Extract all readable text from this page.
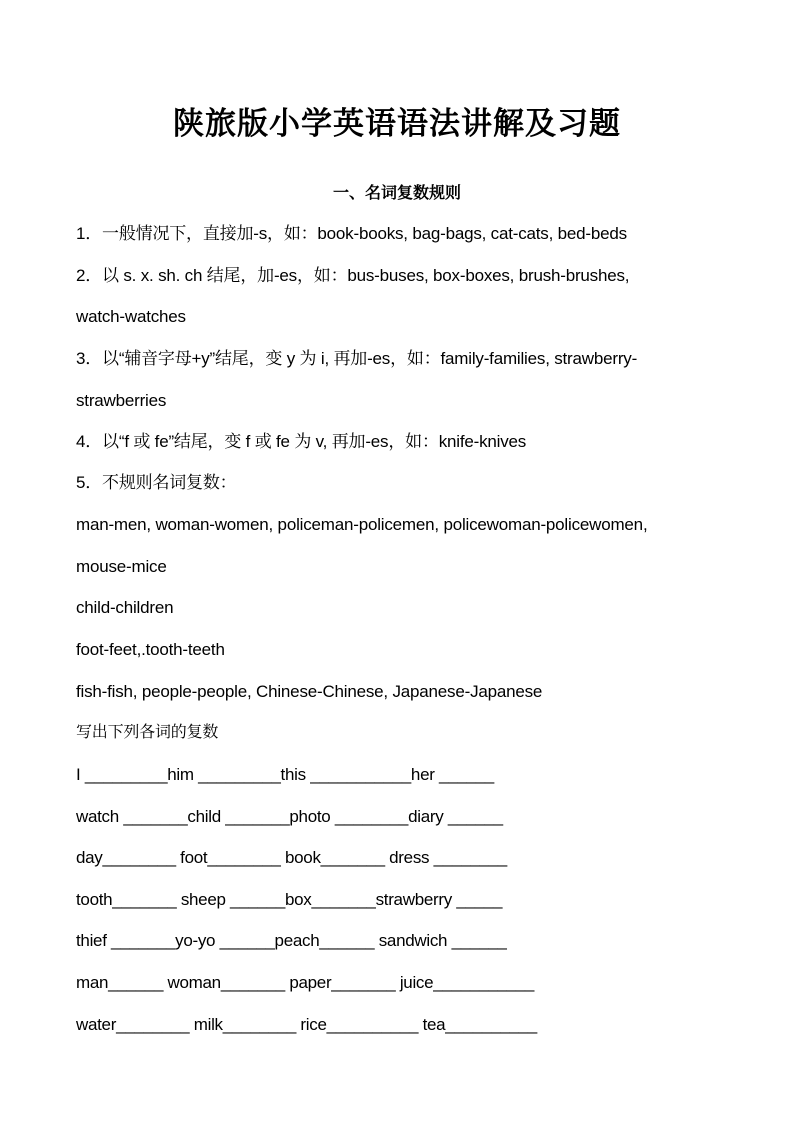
陕旅版小学英语语法讲解及习题
一、名词复数规则
1．一般情况下，直接加-s，如：book-books, bag-bags, cat-cats, bed-beds
2．以 s. x. sh. ch 结尾，加-es，如：bus-buses, box-boxes, brush-brushes,
watch-watches
3．以“辅音字母+y”结尾，变 y 为 i, 再加-es，如：family-families, strawberry-
strawberries
4．以“f 或 fe”结尾，变 f 或 fe 为 v, 再加-es，如：knife-knives
5．不规则名词复数：
man-men, woman-women, policeman-policemen, policewoman-policewomen,
mouse-mice
child-children
foot-feet,.tooth-teeth
fish-fish, people-people, Chinese-Chinese, Japanese-Japanese
写出下列各词的复数
I _________him _________this ___________her ______
watch _______child _______photo ________diary ______
day________ foot________ book_______ dress ________
tooth_______ sheep ______box_______strawberry _____
thief _______yo-yo ______peach______ sandwich ______
man______ woman_______ paper_______ juice___________
water________ milk________ rice__________ tea__________
